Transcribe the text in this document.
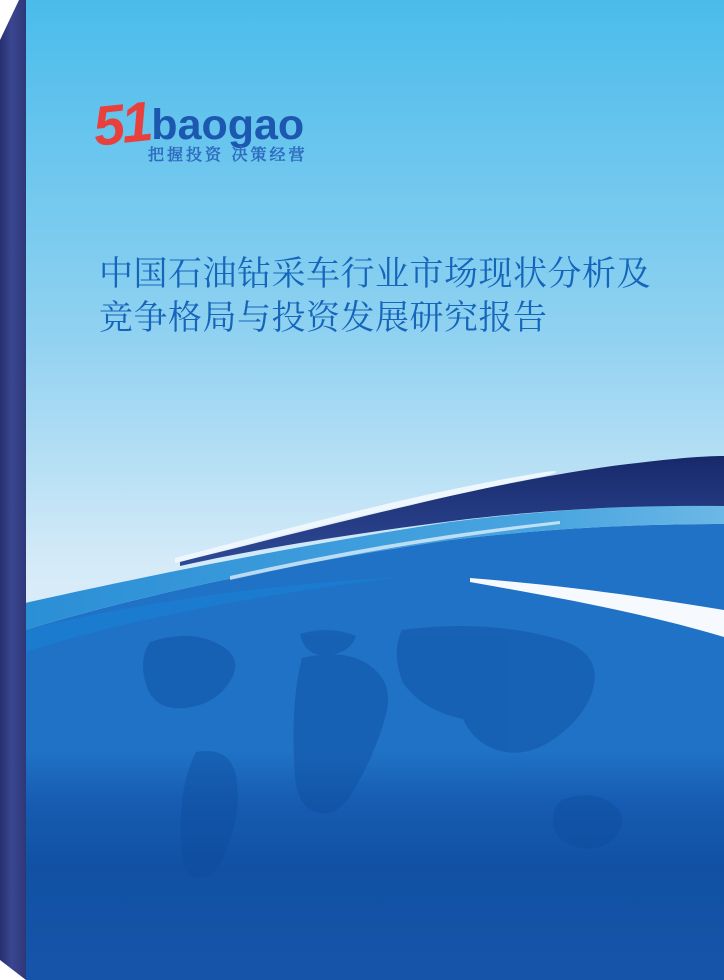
51baogao
把握投资 决策经营
中国石油钻采车行业市场现状分析及
竞争格局与投资发展研究报告
